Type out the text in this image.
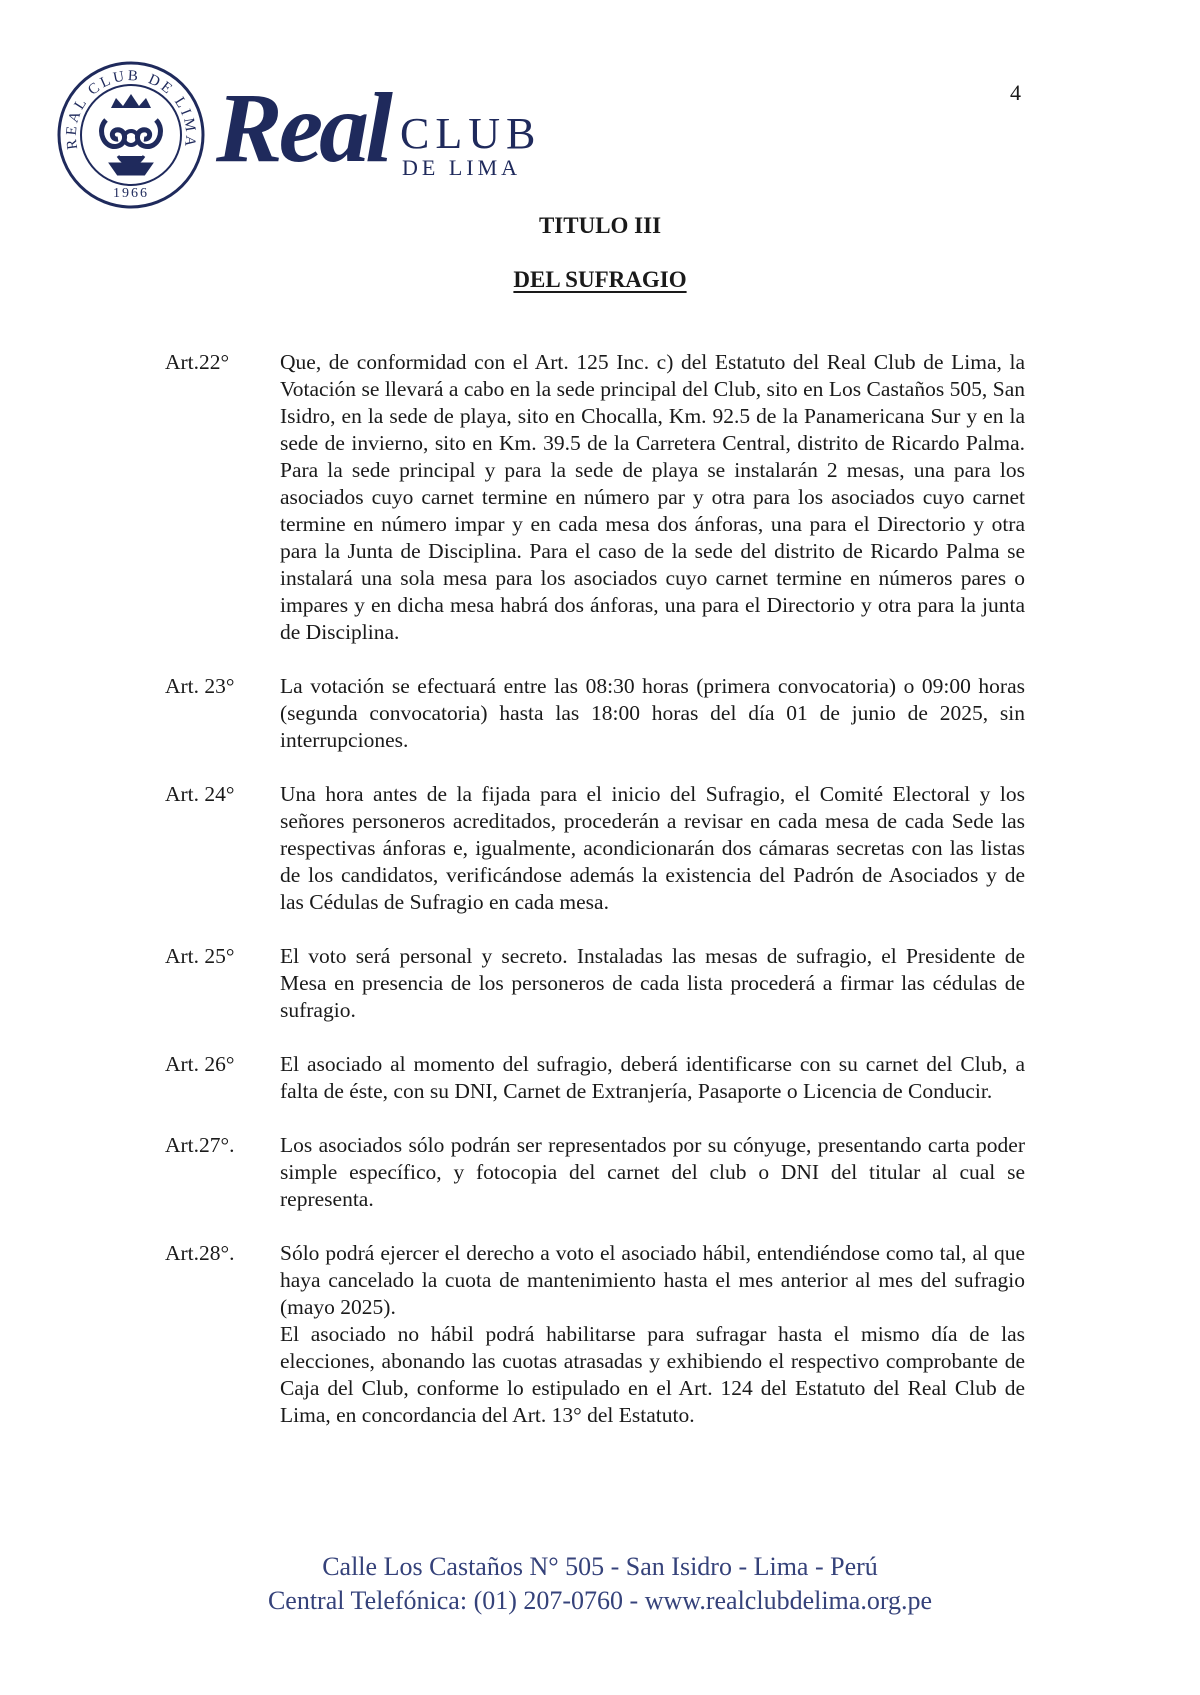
REAL CLUB DE LIMA
1966
Real CLUB
DE LIMA
4
TITULO III
DEL SUFRAGIO
Art.22°	Que, de conformidad con el Art. 125 Inc. c) del Estatuto del Real Club de Lima, la Votación se llevará a cabo en la sede principal del Club, sito en Los Castaños 505, San Isidro, en la sede de playa, sito en Chocalla, Km. 92.5 de la Panamericana Sur y en la sede de invierno, sito en Km. 39.5 de la Carretera Central, distrito de Ricardo Palma. Para la sede principal y para la sede de playa se instalarán 2 mesas, una para los asociados cuyo carnet termine en número par y otra para los asociados cuyo carnet termine en número impar y en cada mesa dos ánforas, una para el Directorio y otra para la Junta de Disciplina. Para el caso de la sede del distrito de Ricardo Palma se instalará una sola mesa para los asociados cuyo carnet termine en números pares o impares y en dicha mesa habrá dos ánforas, una para el Directorio y otra para la junta de Disciplina.

Art. 23°	La votación se efectuará entre las 08:30 horas (primera convocatoria) o 09:00 horas (segunda convocatoria) hasta las 18:00 horas del día 01 de junio de 2025, sin interrupciones.

Art. 24°	Una hora antes de la fijada para el inicio del Sufragio, el Comité Electoral y los señores personeros acreditados, procederán a revisar en cada mesa de cada Sede las respectivas ánforas e, igualmente, acondicionarán dos cámaras secretas con las listas de los candidatos, verificándose además la existencia del Padrón de Asociados y de las Cédulas de Sufragio en cada mesa.

Art. 25°	El voto será personal y secreto. Instaladas las mesas de sufragio, el Presidente de Mesa en presencia de los personeros de cada lista procederá a firmar las cédulas de sufragio.

Art. 26°	El asociado al momento del sufragio, deberá identificarse con su carnet del Club, a falta de éste, con su DNI, Carnet de Extranjería, Pasaporte o Licencia de Conducir.

Art.27°.	Los asociados sólo podrán ser representados por su cónyuge, presentando carta poder simple específico, y fotocopia del carnet del club o DNI del titular al cual se representa.

Art.28°.	Sólo podrá ejercer el derecho a voto el asociado hábil, entendiéndose como tal, al que haya cancelado la cuota de mantenimiento hasta el mes anterior al mes del sufragio (mayo 2025).

El asociado no hábil podrá habilitarse para sufragar hasta el mismo día de las elecciones, abonando las cuotas atrasadas y exhibiendo el respectivo comprobante de Caja del Club, conforme lo estipulado en el Art. 124 del Estatuto del Real Club de Lima, en concordancia del Art. 13° del Estatuto.

Calle Los Castaños N° 505 - San Isidro - Lima - Perú
Central Telefónica: (01) 207-0760 - www.realclubdelima.org.pe
